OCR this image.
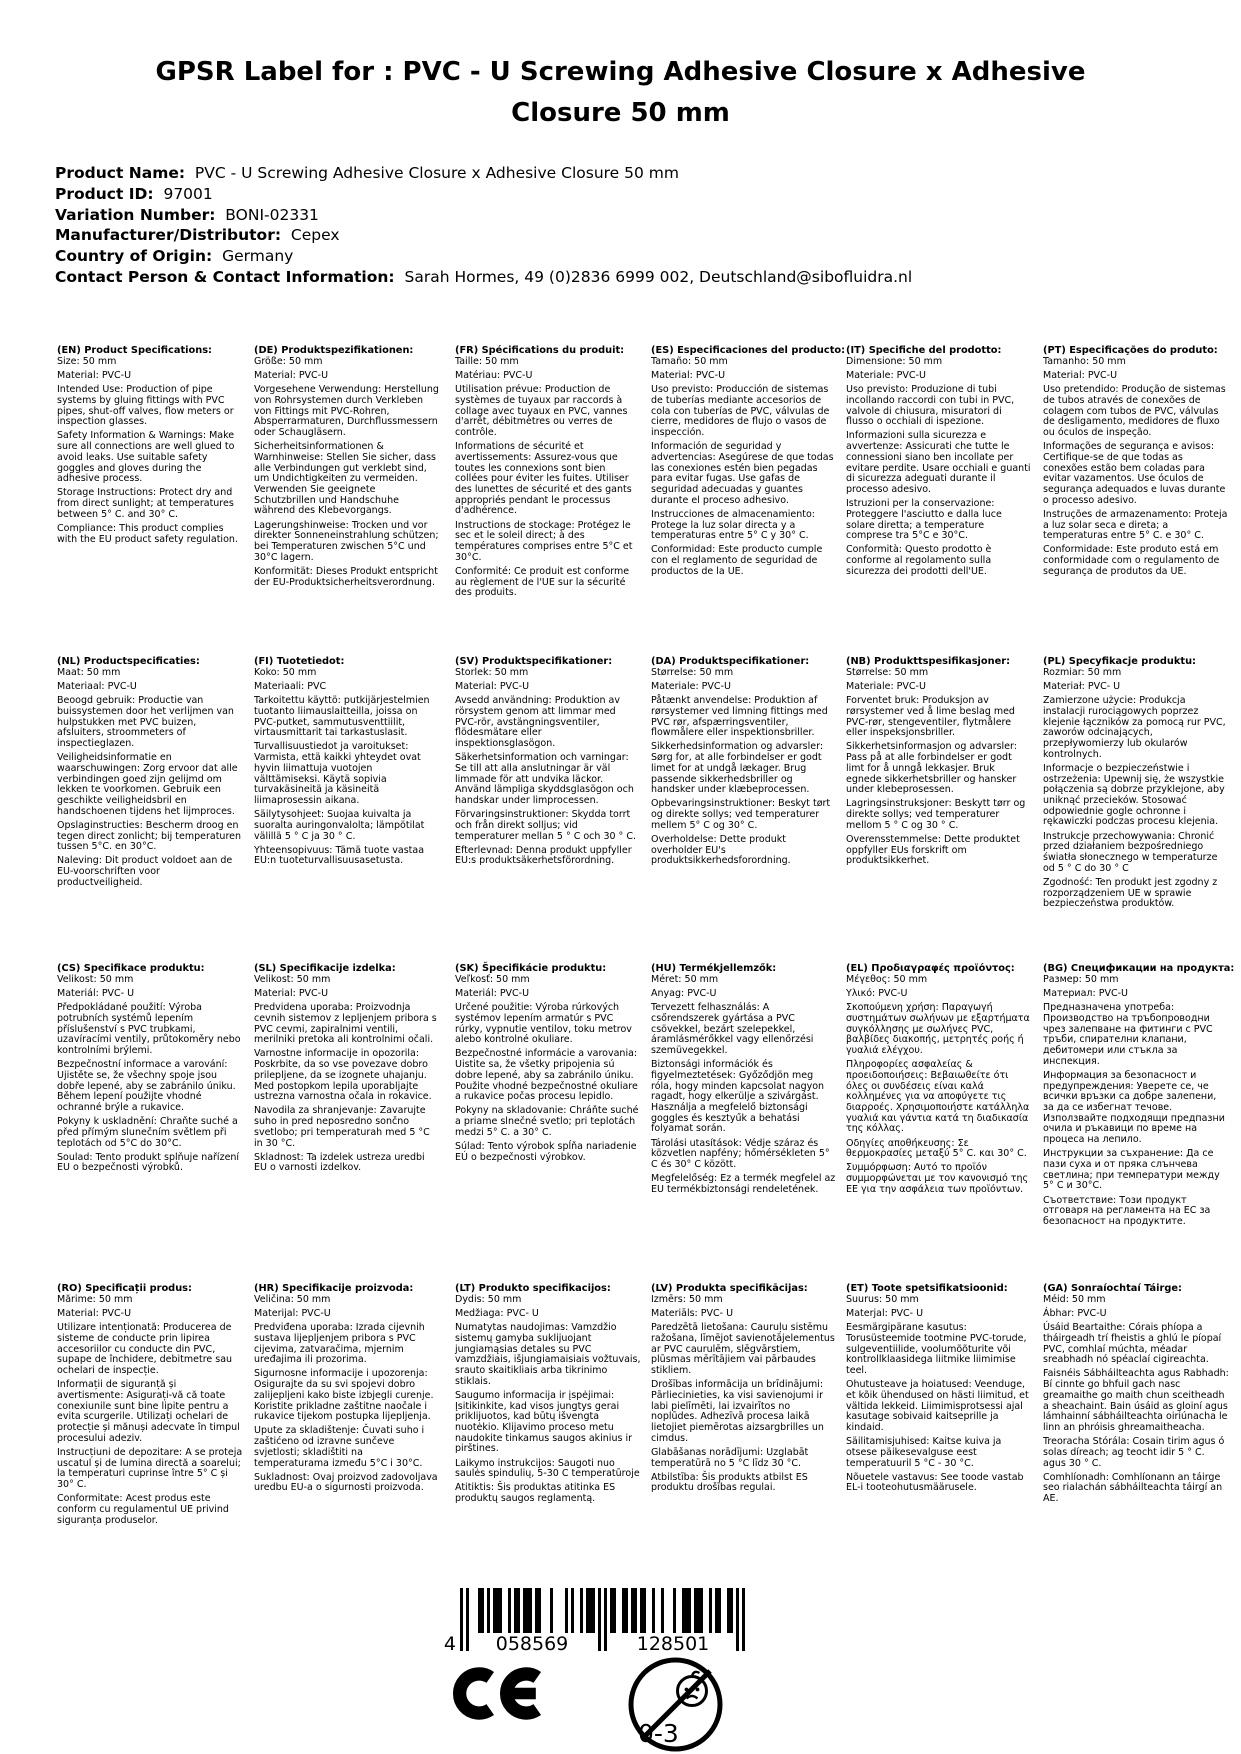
GPSR Label for : PVC - U Screwing Adhesive Closure x Adhesive Closure 50 mm
Product Name:  PVC - U Screwing Adhesive Closure x Adhesive Closure 50 mm
Product ID:  97001
Variation Number:  BONI-02331
Manufacturer/Distributor:  Cepex
Country of Origin:  Germany
Contact Person & Contact Information:  Sarah Hormes, 49 (0)2836 6999 002, Deutschland@sibofluidra.nl
(EN) Product Specifications:

Size: 50 mm

Material: PVC-U

Intended Use: Production of pipe systems by gluing fittings with PVC pipes, shut-off valves, flow meters or inspection glasses.

Safety Information & Warnings: Make sure all connections are well glued to avoid leaks. Use suitable safety goggles and gloves during the adhesive process.

Storage Instructions: Protect dry and from direct sunlight; at temperatures between 5° C. and 30° C.

Compliance: This product complies with the EU product safety regulation.

(DE) Produktspezifikationen:

Größe: 50 mm

Material: PVC-U

Vorgesehene Verwendung: Herstellung von Rohrsystemen durch Verkleben von Fittings mit PVC-Rohren, Absperrarmaturen, Durchflussmessern oder Schaugläsern.

Sicherheitsinformationen & Warnhinweise: Stellen Sie sicher, dass alle Verbindungen gut verklebt sind, um Undichtigkeiten zu vermeiden. Verwenden Sie geeignete Schutzbrillen und Handschuhe während des Klebevorgangs.

Lagerungshinweise: Trocken und vor direkter Sonneneinstrahlung schützen; bei Temperaturen zwischen 5°C und 30°C lagern.

Konformität: Dieses Produkt entspricht der EU-Produktsicherheitsverordnung.

(FR) Spécifications du produit:

Taille: 50 mm

Matériau: PVC-U

Utilisation prévue: Production de systèmes de tuyaux par raccords à collage avec tuyaux en PVC, vannes d'arrêt, débitmètres ou verres de contrôle.

Informations de sécurité et avertissements: Assurez-vous que toutes les connexions sont bien collées pour éviter les fuites. Utiliser des lunettes de sécurité et des gants appropriés pendant le processus d'adhérence.

Instructions de stockage: Protégez le sec et le soleil direct; à des températures comprises entre 5°C et 30°C.

Conformité: Ce produit est conforme au règlement de l'UE sur la sécurité des produits.

(ES) Especificaciones del producto:

Tamaño: 50 mm

Material: PVC-U

Uso previsto: Producción de sistemas de tuberías mediante accesorios de cola con tuberías de PVC, válvulas de cierre, medidores de flujo o vasos de inspección.

Información de seguridad y advertencias: Asegúrese de que todas las conexiones estén bien pegadas para evitar fugas. Use gafas de seguridad adecuadas y guantes durante el proceso adhesivo.

Instrucciones de almacenamiento: Protege la luz solar directa y a temperaturas entre 5° C y 30° C.

Conformidad: Este producto cumple con el reglamento de seguridad de productos de la UE.

(IT) Specifiche del prodotto:

Dimensione: 50 mm

Materiale: PVC-U

Uso previsto: Produzione di tubi incollando raccordi con tubi in PVC, valvole di chiusura, misuratori di flusso o occhiali di ispezione.

Informazioni sulla sicurezza e avvertenze: Assicurati che tutte le connessioni siano ben incollate per evitare perdite. Usare occhiali e guanti di sicurezza adeguati durante il processo adesivo.

Istruzioni per la conservazione: Proteggere l'asciutto e dalla luce solare diretta; a temperature comprese tra 5°C e 30°C.

Conformità: Questo prodotto è conforme al regolamento sulla sicurezza dei prodotti dell'UE.

(PT) Especificações do produto:

Tamanho: 50 mm

Material: PVC-U

Uso pretendido: Produção de sistemas de tubos através de conexões de colagem com tubos de PVC, válvulas de desligamento, medidores de fluxo ou óculos de inspeção.

Informações de segurança e avisos: Certifique-se de que todas as conexões estão bem coladas para evitar vazamentos. Use óculos de segurança adequados e luvas durante o processo adesivo.

Instruções de armazenamento: Proteja a luz solar seca e direta; a temperaturas entre 5° C. e 30° C.

Conformidade: Este produto está em conformidade com o regulamento de segurança de produtos da UE.

(NL) Productspecificaties:

Maat: 50 mm

Materiaal: PVC-U

Beoogd gebruik: Productie van buissystemen door het verlijmen van hulpstukken met PVC buizen, afsluiters, stroommeters of inspectieglazen.

Veiligheidsinformatie en waarschuwingen: Zorg ervoor dat alle verbindingen goed zijn gelijmd om lekken te voorkomen. Gebruik een geschikte veiligheidsbril en handschoenen tijdens het lijmproces.

Opslaginstructies: Bescherm droog en tegen direct zonlicht; bij temperaturen tussen 5°C. en 30°C.

Naleving: Dit product voldoet aan de EU-voorschriften voor productveiligheid.

(FI) Tuotetiedot:

Koko: 50 mm

Materiaali: PVC

Tarkoitettu käyttö: putkijärjestelmien tuotanto liimauslaitteilla, joissa on PVC-putket, sammutusventtiilit, virtausmittarit tai tarkastuslasit.

Turvallisuustiedot ja varoitukset: Varmista, että kaikki yhteydet ovat hyvin liimattuja vuotojen välttämiseksi. Käytä sopivia turvakäsineitä ja käsineitä liimaprosessin aikana.

Säilytysohjeet: Suojaa kuivalta ja suoralta auringonvalolta; lämpötilat välillä 5 ° C ja 30 ° C.

Yhteensopivuus: Tämä tuote vastaa EU:n tuoteturvallisuusasetusta.

(SV) Produktspecifikationer:

Storlek: 50 mm

Material: PVC-U

Avsedd användning: Produktion av rörsystem genom att limmar med PVC-rör, avstängningsventiler, flödesmätare eller inspektionsglasögon.

Säkerhetsinformation och varningar: Se till att alla anslutningar är väl limmade för att undvika läckor. Använd lämpliga skyddsglasögon och handskar under limprocessen.

Förvaringsinstruktioner: Skydda torrt och från direkt solljus; vid temperaturer mellan 5 ° C och 30 ° C.

Efterlevnad: Denna produkt uppfyller EU:s produktsäkerhetsförordning.

(DA) Produktspecifikationer:

Størrelse: 50 mm

Materiale: PVC-U

Påtænkt anvendelse: Produktion af rørsystemer ved limning fittings med PVC rør, afspærringsventiler, flowmålere eller inspektionsbriller.

Sikkerhedsinformation og advarsler: Sørg for, at alle forbindelser er godt limet for at undgå lækager. Brug passende sikkerhedsbriller og handsker under klæbeprocessen.

Opbevaringsinstruktioner: Beskyt tørt og direkte sollys; ved temperaturer mellem 5° C og 30° C.

Overholdelse: Dette produkt overholder EU's produktsikkerhedsforordning.

(NB) Produkttspesifikasjoner:

Størrelse: 50 mm

Materiale: PVC-U

Forventet bruk: Produksjon av rørsystemer ved å lime beslag med PVC-rør, stengeventiler, flytmålere eller inspeksjonsbriller.

Sikkerhetsinformasjon og advarsler: Pass på at alle forbindelser er godt limt for å unngå lekkasjer. Bruk egnede sikkerhetsbriller og hansker under klebeprosessen.

Lagringsinstruksjoner: Beskytt tørr og direkte sollys; ved temperaturer mellom 5 ° C og 30 ° C.

Overensstemmelse: Dette produktet oppfyller EUs forskrift om produktsikkerhet.

(PL) Specyfikacje produktu:

Rozmiar: 50 mm

Materiał: PVC- U

Zamierzone użycie: Produkcja instalacji rurociągowych poprzez klejenie łączników za pomocą rur PVC, zaworów odcinających, przepływomierzy lub okularów kontrolnych.

Informacje o bezpieczeństwie i ostrzeżenia: Upewnij się, że wszystkie połączenia są dobrze przyklejone, aby uniknąć przecieków. Stosować odpowiednie gogle ochronne i rękawiczki podczas procesu klejenia.

Instrukcje przechowywania: Chronić przed działaniem bezpośredniego światła słonecznego w temperaturze od 5 ° C do 30 ° C

Zgodność: Ten produkt jest zgodny z rozporządzeniem UE w sprawie bezpieczeństwa produktów.

(CS) Specifikace produktu:

Velikost: 50 mm

Materiál: PVC- U

Předpokládané použití: Výroba potrubních systémů lepením příslušenství s PVC trubkami, uzavíracími ventily, průtokoměry nebo kontrolními brýlemi.

Bezpečnostní informace a varování: Ujistěte se, že všechny spoje jsou dobře lepené, aby se zabránilo úniku. Během lepení použijte vhodné ochranné brýle a rukavice.

Pokyny k uskladnění: Chraňte suché a před přímým slunečním světlem při teplotách od 5°C do 30°C.

Soulad: Tento produkt splňuje nařízení EU o bezpečnosti výrobků.

(SL) Specifikacije izdelka:

Velikost: 50 mm

Material: PVC-U

Predvidena uporaba: Proizvodnja cevnih sistemov z lepljenjem pribora s PVC cevmi, zapiralnimi ventili, merilniki pretoka ali kontrolnimi očali.

Varnostne informacije in opozorila: Poskrbite, da so vse povezave dobro prilepljene, da se izognete uhajanju. Med postopkom lepila uporabljajte ustrezna varnostna očala in rokavice.

Navodila za shranjevanje: Zavarujte suho in pred neposredno sončno svetlobo; pri temperaturah med 5 °C in 30 °C.

Skladnost: Ta izdelek ustreza uredbi EU o varnosti izdelkov.

(SK) Špecifikácie produktu:

Veľkosť: 50 mm

Materiál: PVC-U

Určené použitie: Výroba rúrkových systémov lepením armatúr s PVC rúrky, vypnutie ventilov, toku metrov alebo kontrolné okuliare.

Bezpečnostné informácie a varovania: Uistite sa, že všetky pripojenia sú dobre lepené, aby sa zabránilo úniku. Použite vhodné bezpečnostné okuliare a rukavice počas procesu lepidlo.

Pokyny na skladovanie: Chráňte suché a priame slnečné svetlo; pri teplotách medzi 5° C. a 30° C.

Súlad: Tento výrobok spĺňa nariadenie EÚ o bezpečnosti výrobkov.

(HU) Termékjellemzők:

Méret: 50 mm

Anyag: PVC-U

Tervezett felhasználás: A csőrendszerek gyártása a PVC csövekkel, bezárt szelepekkel, áramlásmérőkkel vagy ellenőrzési szemüvegekkel.

Biztonsági információk és figyelmeztetések: Győződjön meg róla, hogy minden kapcsolat nagyon ragadt, hogy elkerülje a szivárgást. Használja a megfelelő biztonsági goggles és kesztyűk a behatási folyamat során.

Tárolási utasítások: Védje száraz és közvetlen napfény; hőmérsékleten 5° C és 30° C között.

Megfelelőség: Ez a termék megfelel az EU termékbiztonsági rendeletének.

(EL) Προδιαγραφές προϊόντος:

Μέγεθος: 50 mm

Υλικό: PVC-U

Σκοπούμενη χρήση: Παραγωγή συστημάτων σωλήνων με εξαρτήματα συγκόλλησης με σωλήνες PVC, βαλβίδες διακοπής, μετρητές ροής ή γυαλιά ελέγχου.

Πληροφορίες ασφαλείας & προειδοποιήσεις: Βεβαιωθείτε ότι όλες οι συνδέσεις είναι καλά κολλημένες για να αποφύγετε τις διαρροές. Χρησιμοποιήστε κατάλληλα γυαλιά και γάντια κατά τη διαδικασία της κόλλας.

Οδηγίες αποθήκευσης: Σε θερμοκρασίες μεταξύ 5° C. και 30° C.

Συμμόρφωση: Αυτό το προϊόν συμμορφώνεται με τον κανονισμό της ΕΕ για την ασφάλεια των προϊόντων.

(BG) Спецификации на продукта:

Размер: 50 mm

Материал: PVC-U

Предназначена употреба: Производство на тръбопроводни чрез залепване на фитинги с PVC тръби, спирателни клапани, дебитомери или стъкла за инспекция.

Информация за безопасност и предупреждения: Уверете се, че всички връзки са добре залепени, за да се избегнат течове. Използвайте подходящи предпазни очила и ръкавици по време на процеса на лепило.

Инструкции за съхранение: Да се пази суха и от пряка слънчева светлина; при температури между 5° C и 30°C.

Съответствие: Този продукт отговаря на регламента на ЕС за безопасност на продуктите.

(RO) Specificații produs:

Mărime: 50 mm

Material: PVC-U

Utilizare intenționată: Producerea de sisteme de conducte prin lipirea accesoriilor cu conducte din PVC, supape de închidere, debitmetre sau ochelari de inspecție.

Informații de siguranță și avertismente: Asigurați-vă că toate conexiunile sunt bine lipite pentru a evita scurgerile. Utilizați ochelari de protecție și mănuși adecvate în timpul procesului adeziv.

Instrucțiuni de depozitare: A se proteja uscatul și de lumina directă a soarelui; la temperaturi cuprinse între 5° C și 30° C.

Conformitate: Acest produs este conform cu regulamentul UE privind siguranța produselor.

(HR) Specifikacije proizvoda:

Veličina: 50 mm

Materijal: PVC-U

Predviđena uporaba: Izrada cijevnih sustava lijepljenjem pribora s PVC cijevima, zatvaračima, mjernim uređajima ili prozorima.

Sigurnosne informacije i upozorenja: Osigurajte da su svi spojevi dobro zalijepljeni kako biste izbjegli curenje. Koristite prikladne zaštitne naočale i rukavice tijekom postupka lijepljenja.

Upute za skladištenje: Čuvati suho i zaštićeno od izravne sunčeve svjetlosti; skladištiti na temperaturama između 5°C i 30°C.

Sukladnost: Ovaj proizvod zadovoljava uredbu EU-a o sigurnosti proizvoda.

(LT) Produkto specifikacijos:

Dydis: 50 mm

Medžiaga: PVC- U

Numatytas naudojimas: Vamzdžio sistemų gamyba suklijuojant jungiamąsias detales su PVC vamzdžiais, išjungiamaisiais vožtuvais, srauto skaitikliais arba tikrinimo stiklais.

Saugumo informacija ir įspėjimai: Įsitikinkite, kad visos jungtys gerai priklijuotos, kad būtų išvengta nuotėkio. Klijavimo proceso metu naudokite tinkamus saugos akinius ir pirštines.

Laikymo instrukcijos: Saugoti nuo saulės spindulių, 5-30 C temperatūroje

Atitiktis: Šis produktas atitinka ES produktų saugos reglamentą.

(LV) Produkta specifikācijas:

Izmērs: 50 mm

Materiāls: PVC- U

Paredzētā lietošana: Cauruļu sistēmu ražošana, līmējot savienotājelementus ar PVC caurulēm, slēgvārstiem, plūsmas mērītājiem vai pārbaudes stikliem.

Drošības informācija un brīdinājumi: Pārliecinieties, ka visi savienojumi ir labi pielīmēti, lai izvairītos no noplūdes. Adhezīvā procesa laikā lietojiet piemērotas aizsargbrilles un cimdus.

Glabāšanas norādījumi: Uzglabāt temperatūrā no 5 °C līdz 30 °C.

Atbilstība: Šis produkts atbilst ES produktu drošības regulai.

(ET) Toote spetsifikatsioonid:

Suurus: 50 mm

Materjal: PVC- U

Eesmärgipärane kasutus: Torusüsteemide tootmine PVC-torude, sulgeventiilide, voolumõõturite või kontrollklaasidega liitmike liimimise teel.

Ohutusteave ja hoiatused: Veenduge, et kõik ühendused on hästi liimitud, et vältida lekkeid. Liimimisprotsessi ajal kasutage sobivaid kaitseprille ja kindaid.

Säilitamisjuhised: Kaitse kuiva ja otsese päikesevalguse eest temperatuuril 5 °C - 30 °C.

Nõuetele vastavus: See toode vastab EL-i tooteohutusmäärusele.

(GA) Sonraíochtaí Táirge:

Méid: 50 mm

Ábhar: PVC-U

Úsáid Beartaithe: Córais phíopa a tháirgeadh trí fheistis a ghlú le píopaí PVC, comhlaí múchta, méadar sreabhadh nó spéaclaí cigireachta.

Faisnéis Sábháilteachta agus Rabhadh: Bí cinnte go bhfuil gach nasc greamaithe go maith chun sceitheadh a sheachaint. Bain úsáid as gloiní agus lámhainní sábháilteachta oiriúnacha le linn an phróisis ghreamaitheacha.

Treoracha Stórála: Cosain tirim agus ó solas díreach; ag teocht idir 5 ° C. agus 30 ° C.

Comhlíonadh: Comhlíonann an táirge seo rialachán sábháilteachta táirgí an AE.

4 058569	128501
0-3
